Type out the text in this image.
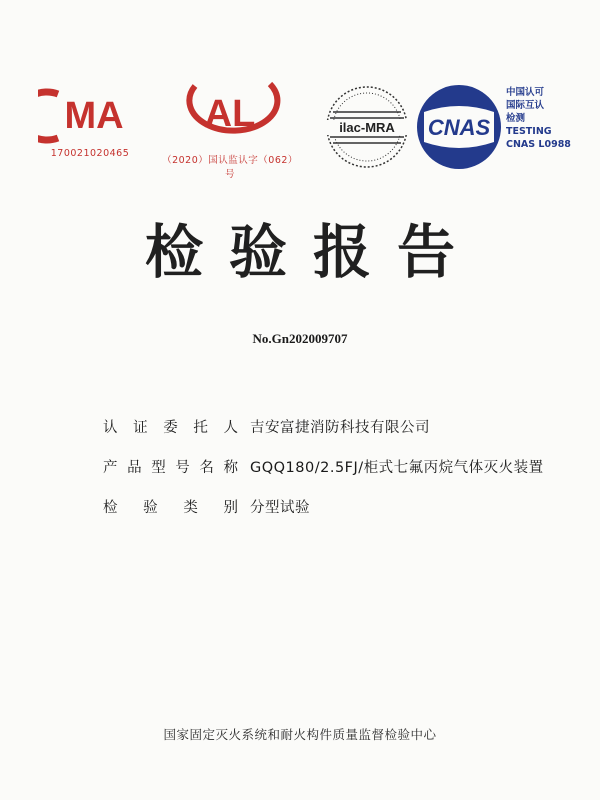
MA
170021020465
AL
（2020）国认监认字（062）号
ilac-MRA CNAS
中国认可
国际互认
检测
TESTING
CNAS L0988
检验报告
No.Gn202009707
认 证 委 托 人 吉安富捷消防科技有限公司
产 品 型 号 名 称 GQQ180/2.5FJ/柜式七氟丙烷气体灭火装置
检 验 类 别 分型试验
国家固定灭火系统和耐火构件质量监督检验中心
